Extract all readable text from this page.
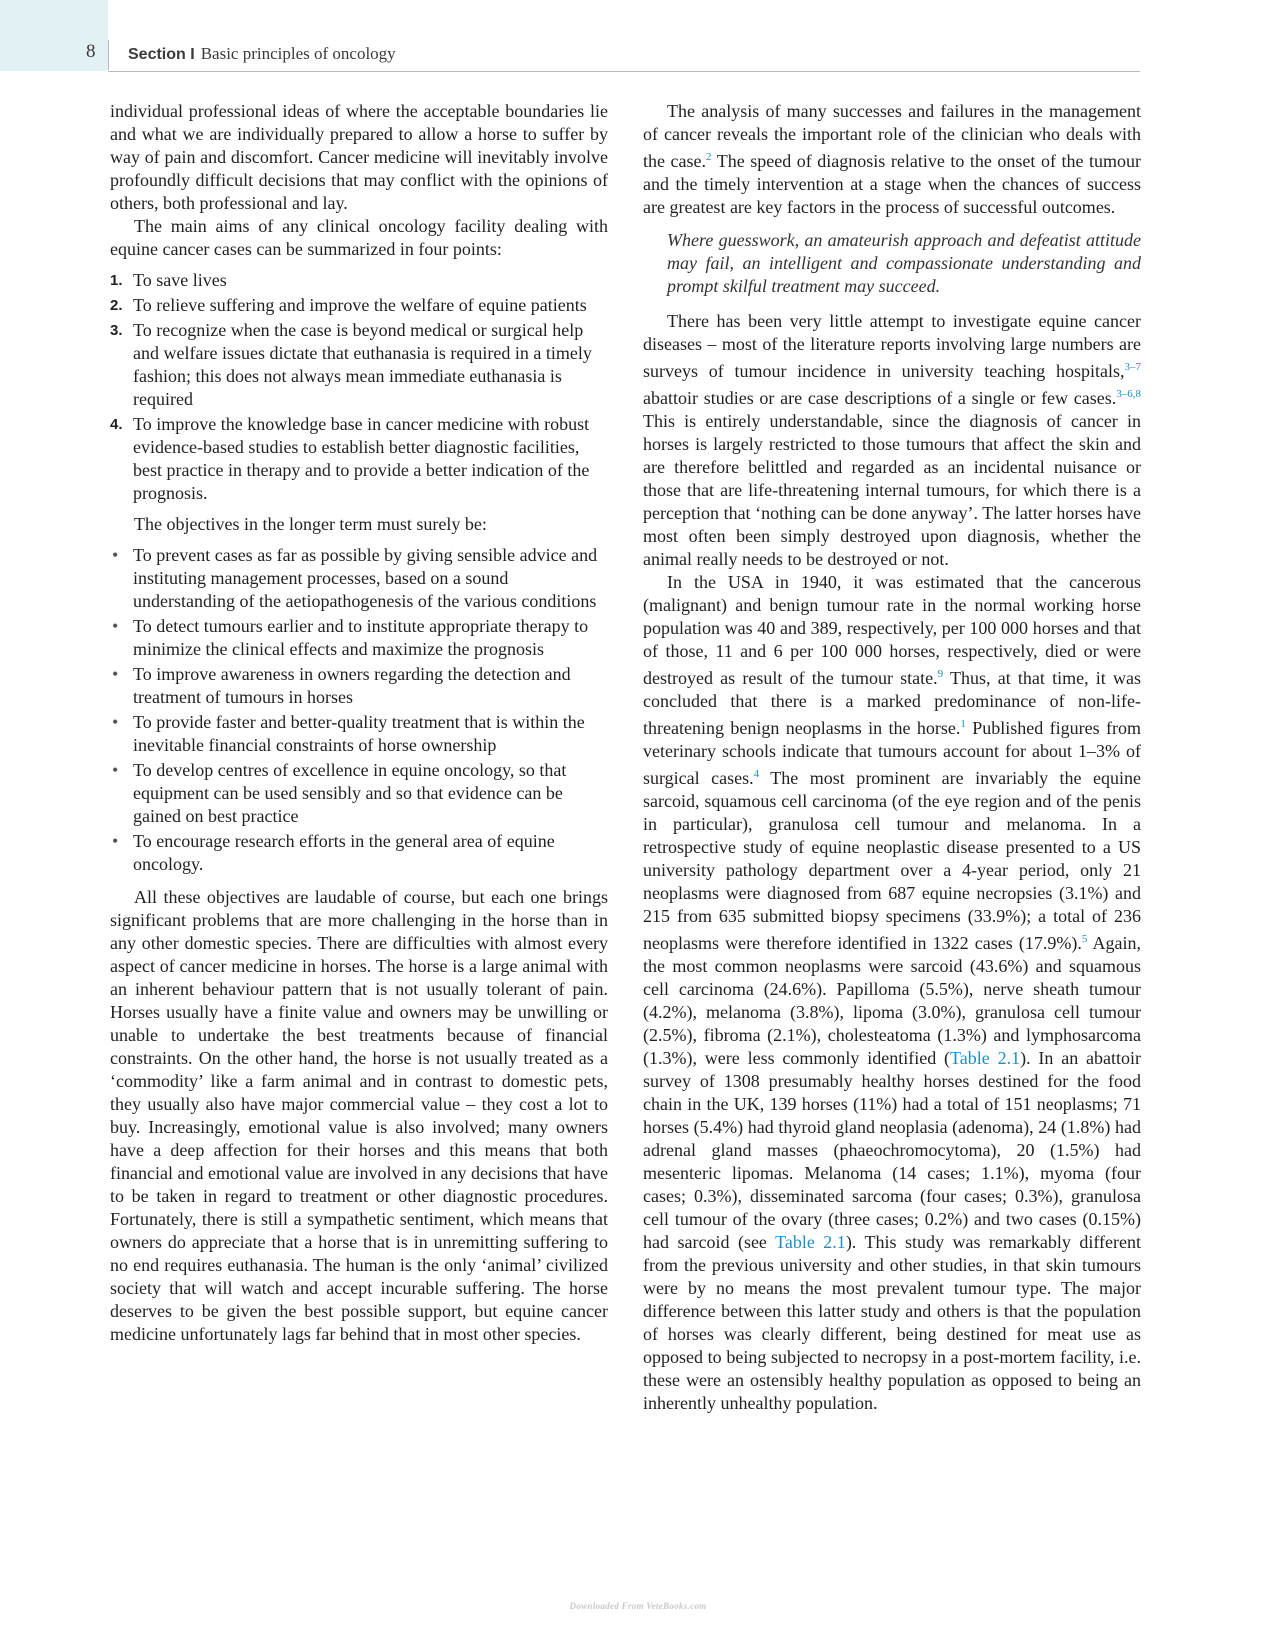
8 Section I Basic principles of oncology

individual professional ideas of where the acceptable boundaries lie and what we are individually prepared to allow a horse to suffer by way of pain and discomfort. Cancer medicine will inevitably involve profoundly difficult decisions that may conflict with the opinions of others, both professional and lay.

The main aims of any clinical oncology facility dealing with equine cancer cases can be summarized in four points:

1. To save lives
2. To relieve suffering and improve the welfare of equine patients
3. To recognize when the case is beyond medical or surgical help and welfare issues dictate that euthanasia is required in a timely fashion; this does not always mean immediate euthanasia is required
4. To improve the knowledge base in cancer medicine with robust evidence-based studies to establish better diagnostic facilities, best practice in therapy and to provide a better indication of the prognosis.

The objectives in the longer term must surely be:

• To prevent cases as far as possible by giving sensible advice and instituting management processes, based on a sound understanding of the aetiopathogenesis of the various conditions
• To detect tumours earlier and to institute appropriate therapy to minimize the clinical effects and maximize the prognosis
• To improve awareness in owners regarding the detection and treatment of tumours in horses
• To provide faster and better-quality treatment that is within the inevitable financial constraints of horse ownership
• To develop centres of excellence in equine oncology, so that equipment can be used sensibly and so that evidence can be gained on best practice
• To encourage research efforts in the general area of equine oncology.

All these objectives are laudable of course, but each one brings significant problems that are more challenging in the horse than in any other domestic species. There are difficulties with almost every aspect of cancer medicine in horses. The horse is a large animal with an inherent behaviour pattern that is not usually tolerant of pain. Horses usually have a finite value and owners may be unwilling or unable to undertake the best treatments because of financial constraints. On the other hand, the horse is not usually treated as a ‘commodity’ like a farm animal and in contrast to domestic pets, they usually also have major commercial value – they cost a lot to buy. Increasingly, emotional value is also involved; many owners have a deep affection for their horses and this means that both financial and emotional value are involved in any decisions that have to be taken in regard to treatment or other diagnostic procedures. Fortunately, there is still a sympathetic sentiment, which means that owners do appreciate that a horse that is in unremitting suffering to no end requires euthanasia. The human is the only ‘animal’ civilized society that will watch and accept incurable suffering. The horse deserves to be given the best possible support, but equine cancer medicine unfortunately lags far behind that in most other species.

The analysis of many successes and failures in the management of cancer reveals the important role of the clinician who deals with the case.$^2$ The speed of diagnosis relative to the onset of the tumour and the timely intervention at a stage when the chances of success are greatest are key factors in the process of successful outcomes.

Where guesswork, an amateurish approach and defeatist attitude may fail, an intelligent and compassionate understanding and prompt skilful treatment may succeed.

There has been very little attempt to investigate equine cancer diseases – most of the literature reports involving large numbers are surveys of tumour incidence in university teaching hospitals,$^{3-7}$ abattoir studies or are case descriptions of a single or few cases.$^{3-6,8}$ This is entirely understandable, since the diagnosis of cancer in horses is largely restricted to those tumours that affect the skin and are therefore belittled and regarded as an incidental nuisance or those that are life-threatening internal tumours, for which there is a perception that ‘nothing can be done anyway’. The latter horses have most often been simply destroyed upon diagnosis, whether the animal really needs to be destroyed or not.

In the USA in 1940, it was estimated that the cancerous (malignant) and benign tumour rate in the normal working horse population was 40 and 389, respectively, per 100 000 horses and that of those, 11 and 6 per 100 000 horses, respectively, died or were destroyed as result of the tumour state.$^9$ Thus, at that time, it was concluded that there is a marked predominance of non-life-threatening benign neoplasms in the horse.$^1$ Published figures from veterinary schools indicate that tumours account for about 1–3% of surgical cases.$^4$ The most prominent are invariably the equine sarcoid, squamous cell carcinoma (of the eye region and of the penis in particular), granulosa cell tumour and melanoma. In a retrospective study of equine neoplastic disease presented to a US university pathology department over a 4-year period, only 21 neoplasms were diagnosed from 687 equine necropsies (3.1%) and 215 from 635 submitted biopsy specimens (33.9%); a total of 236 neoplasms were therefore identified in 1322 cases (17.9%).$^5$ Again, the most common neoplasms were sarcoid (43.6%) and squamous cell carcinoma (24.6%). Papilloma (5.5%), nerve sheath tumour (4.2%), melanoma (3.8%), lipoma (3.0%), granulosa cell tumour (2.5%), fibroma (2.1%), cholesteatoma (1.3%) and lymphosarcoma (1.3%), were less commonly identified (Table 2.1). In an abattoir survey of 1308 presumably healthy horses destined for the food chain in the UK, 139 horses (11%) had a total of 151 neoplasms; 71 horses (5.4%) had thyroid gland neoplasia (adenoma), 24 (1.8%) had adrenal gland masses (phaeochromocytoma), 20 (1.5%) had mesenteric lipomas. Melanoma (14 cases; 1.1%), myoma (four cases; 0.3%), disseminated sarcoma (four cases; 0.3%), granulosa cell tumour of the ovary (three cases; 0.2%) and two cases (0.15%) had sarcoid (see Table 2.1). This study was remarkably different from the previous university and other studies, in that skin tumours were by no means the most prevalent tumour type. The major difference between this latter study and others is that the population of horses was clearly different, being destined for meat use as opposed to being subjected to necropsy in a post-mortem facility, i.e. these were an ostensibly healthy population as opposed to being an inherently unhealthy population.

Downloaded From VeteBooks.com
